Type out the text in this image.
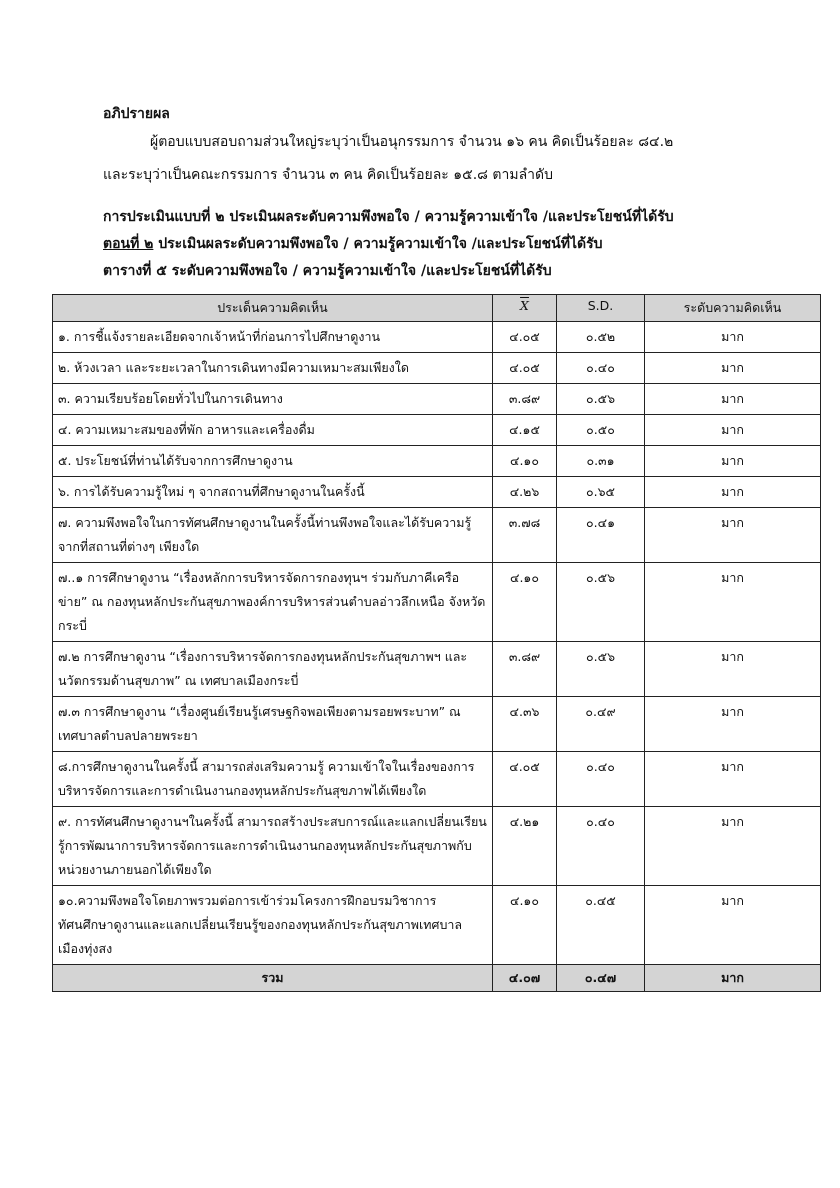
อภิปรายผล
ผู้ตอบแบบสอบถามส่วนใหญ่ระบุว่าเป็นอนุกรรมการ จำนวน ๑๖ คน คิดเป็นร้อยละ ๘๔.๒
และระบุว่าเป็นคณะกรรมการ จำนวน ๓ คน คิดเป็นร้อยละ ๑๕.๘ ตามลำดับ
การประเมินแบบที่ ๒ ประเมินผลระดับความพึงพอใจ / ความรู้ความเข้าใจ /และประโยชน์ที่ได้รับ
ตอนที่ ๒ ประเมินผลระดับความพึงพอใจ / ความรู้ความเข้าใจ /และประโยชน์ที่ได้รับ
ตารางที่ ๕ ระดับความพึงพอใจ / ความรู้ความเข้าใจ /และประโยชน์ที่ได้รับ
ประเด็นความคิดเห็น	$\overline{X}$	S.D.	ระดับความคิดเห็น
๑. การชี้แจ้งรายละเอียดจากเจ้าหน้าที่ก่อนการไปศึกษาดูงาน	๔.๐๕	๐.๕๒	มาก
๒. ห้วงเวลา และระยะเวลาในการเดินทางมีความเหมาะสมเพียงใด	๔.๐๕	๐.๔๐	มาก
๓. ความเรียบร้อยโดยทั่วไปในการเดินทาง	๓.๘๙	๐.๕๖	มาก
๔. ความเหมาะสมของที่พัก อาหารและเครื่องดื่ม	๔.๑๕	๐.๕๐	มาก
๕. ประโยชน์ที่ท่านได้รับจากการศึกษาดูงาน	๔.๑๐	๐.๓๑	มาก
๖. การได้รับความรู้ใหม่ ๆ จากสถานที่ศึกษาดูงานในครั้งนี้	๔.๒๖	๐.๖๕	มาก
๗. ความพึงพอใจในการทัศนศึกษาดูงานในครั้งนี้ท่านพึงพอใจและได้รับความรู้จากที่สถานที่ต่างๆ เพียงใด	๓.๗๘	๐.๔๑	มาก
๗..๑ การศึกษาดูงาน “เรื่องหลักการบริหารจัดการกองทุนฯ ร่วมกับภาคีเครือข่าย” ณ กองทุนหลักประกันสุขภาพองค์การบริหารส่วนตำบลอ่าวลึกเหนือ จังหวัดกระบี่	๔.๑๐	๐.๕๖	มาก
๗.๒ การศึกษาดูงาน “เรื่องการบริหารจัดการกองทุนหลักประกันสุขภาพฯ และนวัตกรรมด้านสุขภาพ” ณ เทศบาลเมืองกระบี่	๓.๘๙	๐.๕๖	มาก
๗.๓ การศึกษาดูงาน “เรื่องศูนย์เรียนรู้เศรษฐกิจพอเพียงตามรอยพระบาท” ณ เทศบาลตำบลปลายพระยา	๔.๓๖	๐.๔๙	มาก
๘.การศึกษาดูงานในครั้งนี้ สามารถส่งเสริมความรู้ ความเข้าใจในเรื่องของการบริหารจัดการและการดำเนินงานกองทุนหลักประกันสุขภาพได้เพียงใด	๔.๐๕	๐.๔๐	มาก
๙. การทัศนศึกษาดูงานฯในครั้งนี้ สามารถสร้างประสบการณ์และแลกเปลี่ยนเรียนรู้การพัฒนาการบริหารจัดการและการดำเนินงานกองทุนหลักประกันสุขภาพกับหน่วยงานภายนอกได้เพียงใด	๔.๒๑	๐.๔๐	มาก
๑๐.ความพึงพอใจโดยภาพรวมต่อการเข้าร่วมโครงการฝึกอบรมวิชาการทัศนศึกษาดูงานและแลกเปลี่ยนเรียนรู้ของกองทุนหลักประกันสุขภาพเทศบาลเมืองทุ่งสง	๔.๑๐	๐.๔๕	มาก
รวม	๔.๐๗	๐.๔๗	มาก
